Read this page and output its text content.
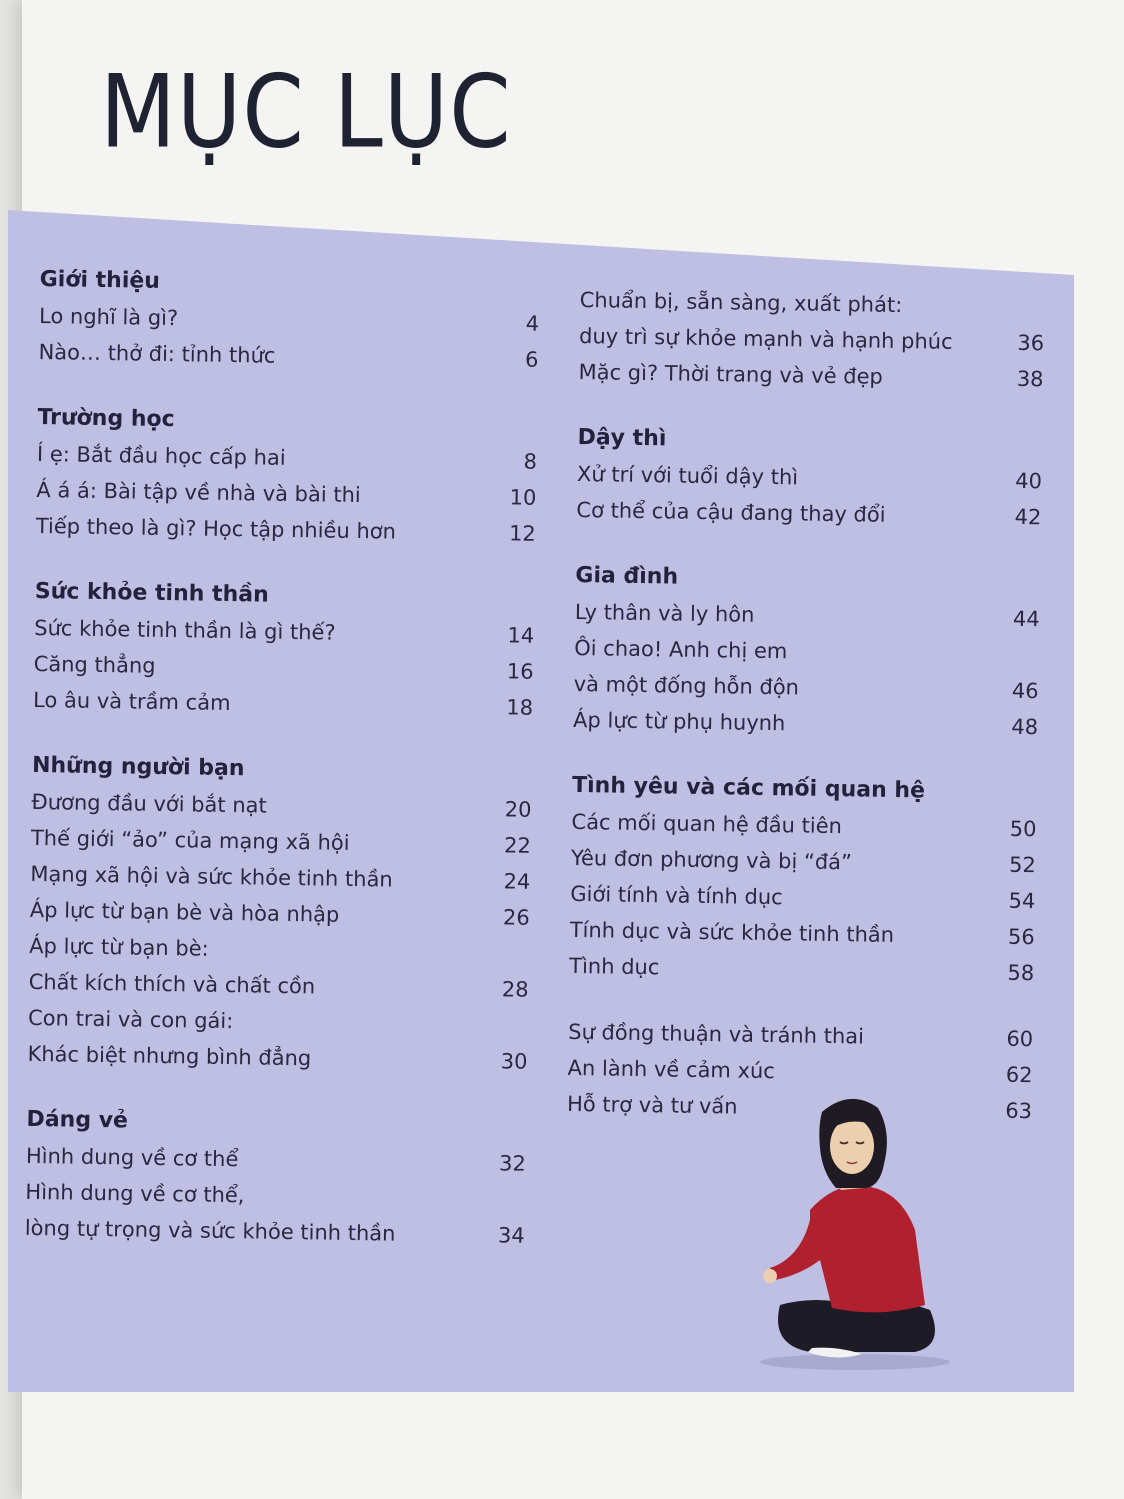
MỤC LỤC
Giới thiệu
Lo nghĩ là gì?	4
Nào… thở đi: tỉnh thức	6
Trường học
Í ẹ: Bắt đầu học cấp hai	8
Á á á: Bài tập về nhà và bài thi	10
Tiếp theo là gì? Học tập nhiều hơn	12
Sức khỏe tinh thần
Sức khỏe tinh thần là gì thế?	14
Căng thẳng	16
Lo âu và trầm cảm	18
Những người bạn
Đương đầu với bắt nạt	20
Thế giới “ảo” của mạng xã hội	22
Mạng xã hội và sức khỏe tinh thần	24
Áp lực từ bạn bè và hòa nhập	26
Áp lực từ bạn bè:
Chất kích thích và chất cồn	28
Con trai và con gái:
Khác biệt nhưng bình đẳng	30
Dáng vẻ
Hình dung về cơ thể	32
Hình dung về cơ thể,
lòng tự trọng và sức khỏe tinh thần	34
Chuẩn bị, sẵn sàng, xuất phát:
duy trì sự khỏe mạnh và hạnh phúc	36
Mặc gì? Thời trang và vẻ đẹp	38
Dậy thì
Xử trí với tuổi dậy thì	40
Cơ thể của cậu đang thay đổi	42
Gia đình
Ly thân và ly hôn	44
Ôi chao! Anh chị em
và một đống hỗn độn	46
Áp lực từ phụ huynh	48
Tình yêu và các mối quan hệ
Các mối quan hệ đầu tiên	50
Yêu đơn phương và bị “đá”	52
Giới tính và tính dục	54
Tính dục và sức khỏe tinh thần	56
Tình dục	58
Sự đồng thuận và tránh thai	60
An lành về cảm xúc	62
Hỗ trợ và tư vấn	63
